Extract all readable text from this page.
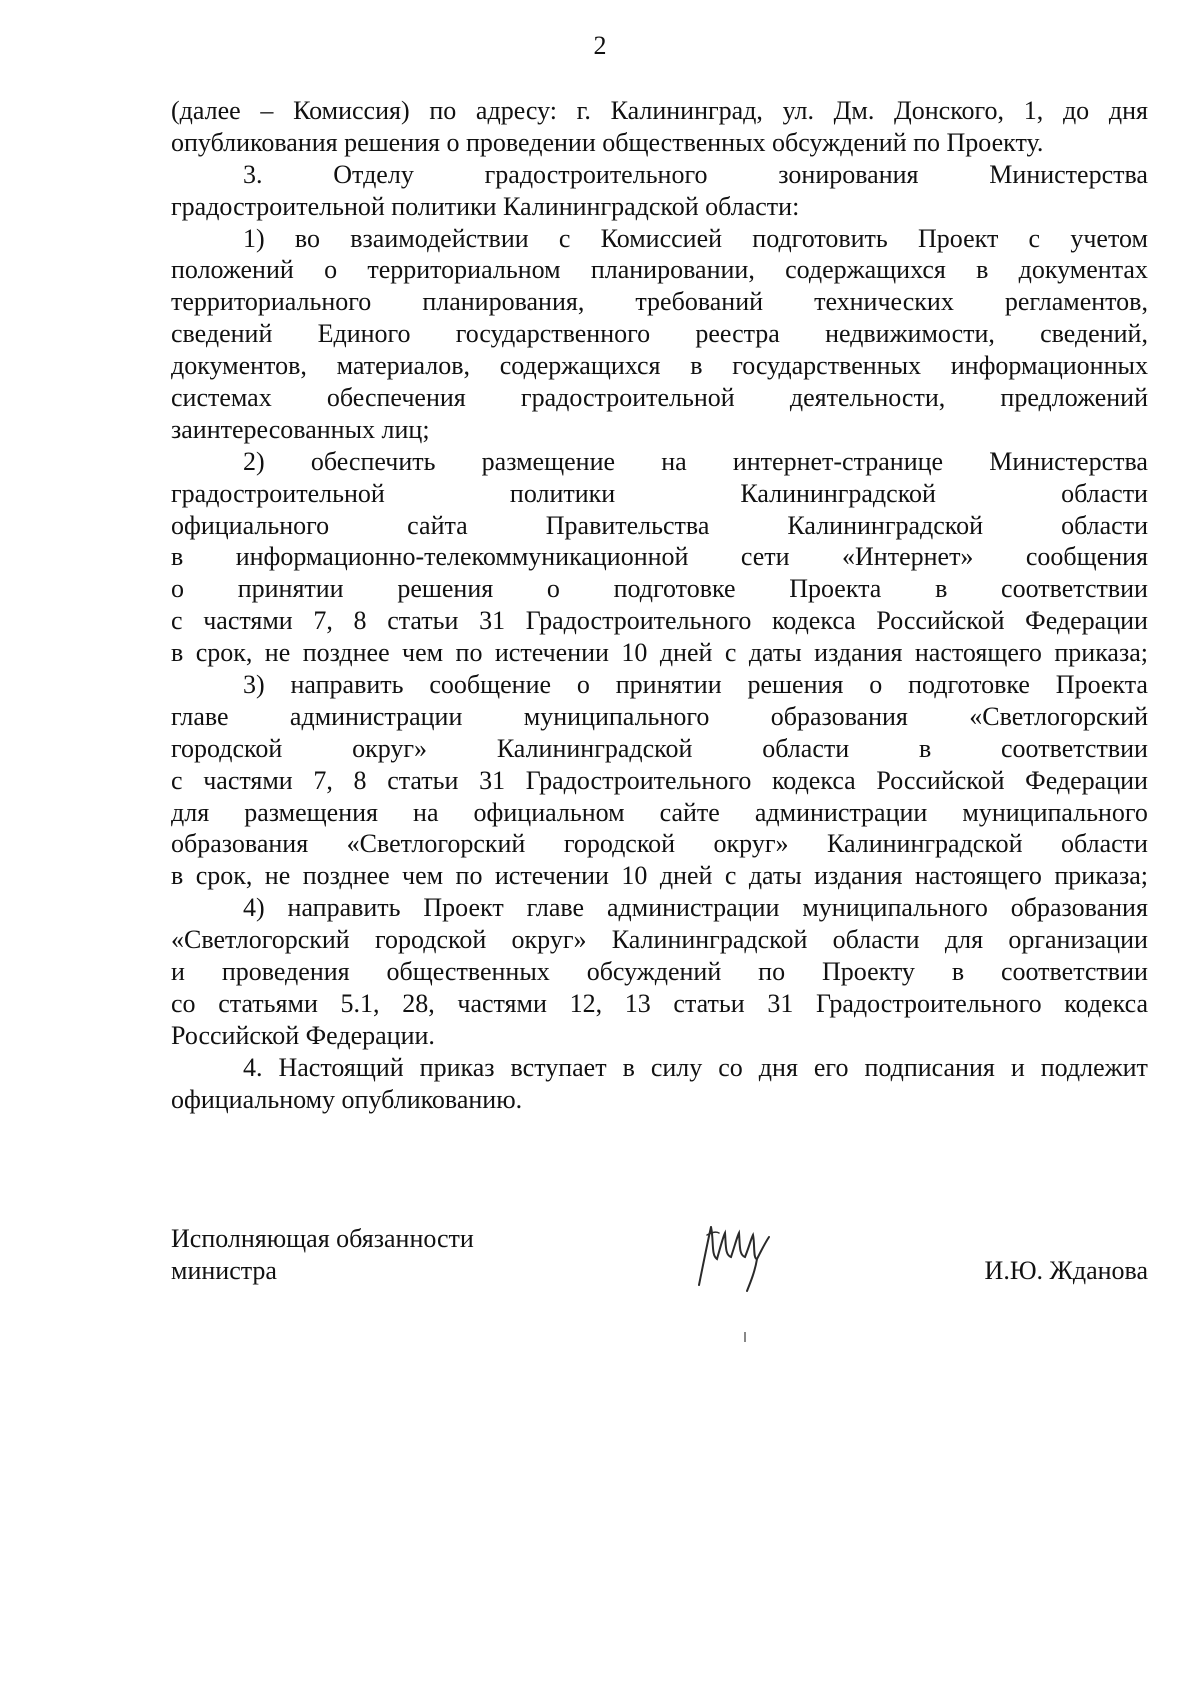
2
(далее – Комиссия) по адресу: г. Калининград, ул. Дм. Донского, 1, до дня
опубликования решения о проведении общественных обсуждений по Проекту.
3.	Отделу	градостроительного	зонирования	Министерства
градостроительной политики Калининградской области:
1) во взаимодействии с Комиссией подготовить Проект с учетом
положений о территориальном планировании, содержащихся в документах
территориального планирования, требований технических регламентов,
сведений Единого государственного реестра недвижимости, сведений,
документов, материалов, содержащихся в государственных информационных
системах обеспечения градостроительной деятельности, предложений
заинтересованных лиц;
2) обеспечить размещение на интернет-странице Министерства
градостроительной	политики	Калининградской	области
официального	сайта	Правительства	Калининградской	области
в информационно-телекоммуникационной сети «Интернет» сообщения
о принятии решения о подготовке Проекта в соответствии
с частями 7, 8 статьи 31 Градостроительного кодекса Российской Федерации
в срок, не позднее чем по истечении 10 дней с даты издания настоящего приказа;
3) направить сообщение о принятии решения о подготовке Проекта
главе администрации муниципального образования «Светлогорский
городской	округ»	Калининградской	области	в	соответствии
с частями 7, 8 статьи 31 Градостроительного кодекса Российской Федерации
для размещения на официальном сайте администрации муниципального
образования «Светлогорский городской округ» Калининградской области
в срок, не позднее чем по истечении 10 дней с даты издания настоящего приказа;
4) направить Проект главе администрации муниципального образования
«Светлогорский городской округ» Калининградской области для организации
и проведения общественных обсуждений по Проекту в соответствии
со статьями 5.1, 28, частями 12, 13 статьи 31 Градостроительного кодекса
Российской Федерации.
4. Настоящий приказ вступает в силу со дня его подписания и подлежит
официальному опубликованию.
Исполняющая обязанности
министра	И.Ю. Жданова
